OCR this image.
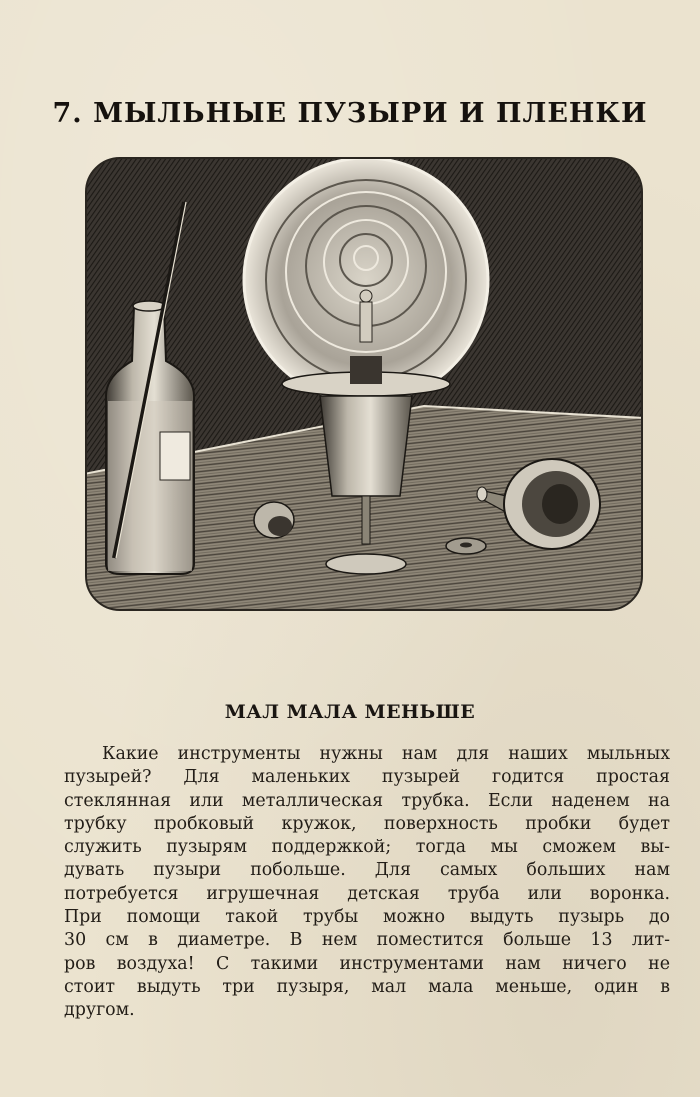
7. МЫЛЬНЫЕ ПУЗЫРИ И ПЛЕНКИ
МАЛ МАЛА МЕНЬШЕ
Какие инструменты нужны нам для наших мыльных
пузырей? Для маленьких пузырей годится простая
стеклянная или металлическая трубка. Если наденем на
трубку пробковый кружок, поверхность пробки будет
служить пузырям поддержкой; тогда мы сможем вы-
дувать пузыри побольше. Для самых больших нам
потребуется игрушечная детская труба или воронка.
При помощи такой трубы можно выдуть пузырь до
30 см в диаметре. В нем поместится больше 13 лит-
ров воздуха! С такими инструментами нам ничего не
стоит выдуть три пузыря, мал мала меньше, один в
другом.
